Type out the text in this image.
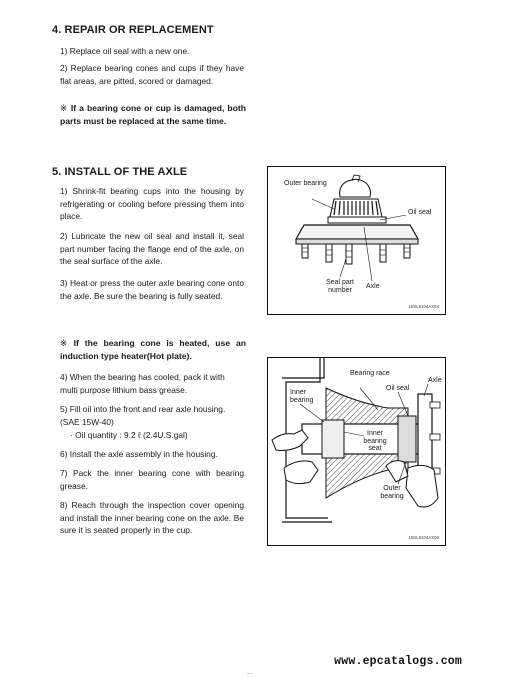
4. REPAIR OR REPLACEMENT

1) Replace oil seal with a new one.

2) Replace bearing cones and cups if they have flat areas, are pitted, scored or damaged.

※ If a bearing cone or cup is damaged, both parts must be replaced at the same time.

5. INSTALL OF THE AXLE

1) Shrink-fit bearing cups into the housing by refrigerating or cooling before pressing them into place.

2) Lubricate the new oil seal and install it, seal part number facing the flange end of the axle, on the seal surface of the axle.

3) Heat or press the outer axle bearing cone onto the axle. Be sure the bearing is fully seated.

※ If the bearing cone is heated, use an induction type heater(Hot plate).

4) When the bearing has cooled, pack it with multi purpose lithium bass grease.

5) Fill oil into the front and rear axle housing. (SAE 15W-40)

· Oil quantity : 9.2 ℓ (2.4U.S.gal)

6) Install the axle assembly in the housing.

7) Pack the inner bearing cone with bearing grease.

8) Reach through the inspection cover opening and install the inner bearing cone on the axle. Be sure it is seated properly in the cup.

Outer bearing
Oil seal
Seal part number
Axle
15SL8104AX04
Bearing race
Oil seal
Axle
Inner bearing
Inner bearing seat
Outer bearing
15SL8104AX05
www.epcatalogs.com
- -
